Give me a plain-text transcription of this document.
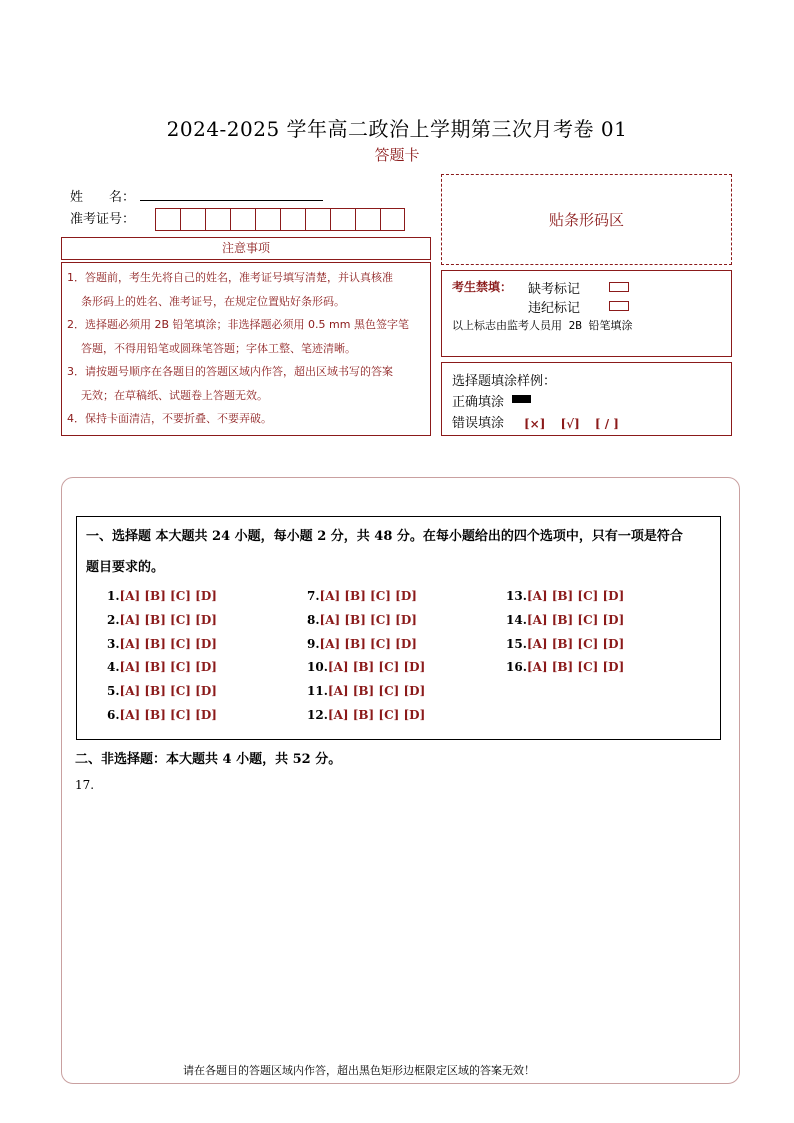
2024-2025 学年高二政治上学期第三次月考卷 01
答题卡
姓　　名：
准考证号：
注意事项
1．答题前，考生先将自己的姓名，准考证号填写清楚，并认真核准
条形码上的姓名、准考证号，在规定位置贴好条形码。
2．选择题必须用 2B 铅笔填涂；非选择题必须用 0.5 mm 黑色签字笔
答题，不得用铅笔或圆珠笔答题；字体工整、笔迹清晰。
3．请按题号顺序在各题目的答题区域内作答，超出区域书写的答案
无效；在草稿纸、试题卷上答题无效。
4．保持卡面清洁，不要折叠、不要弄破。
贴条形码区
考生禁填： 缺考标记
违纪标记
以上标志由监考人员用 2B 铅笔填涂
选择题填涂样例：
正确填涂
错误填涂	[×] [√] [ / ]
一、选择题 本大题共 24 小题，每小题 2 分，共 48 分。在每小题给出的四个选项中，只有一项是符合
题目要求的。
1.[A] [B] [C] [D]
2.[A] [B] [C] [D]
3.[A] [B] [C] [D]
4.[A] [B] [C] [D]
5.[A] [B] [C] [D]
6.[A] [B] [C] [D]
7.[A] [B] [C] [D]
8.[A] [B] [C] [D]
9.[A] [B] [C] [D]
10.[A] [B] [C] [D]
11.[A] [B] [C] [D]
12.[A] [B] [C] [D]
13.[A] [B] [C] [D]
14.[A] [B] [C] [D]
15.[A] [B] [C] [D]
16.[A] [B] [C] [D]
二、非选择题：本大题共 4 小题，共 52 分。
17.
请在各题目的答题区域内作答，超出黑色矩形边框限定区域的答案无效！
